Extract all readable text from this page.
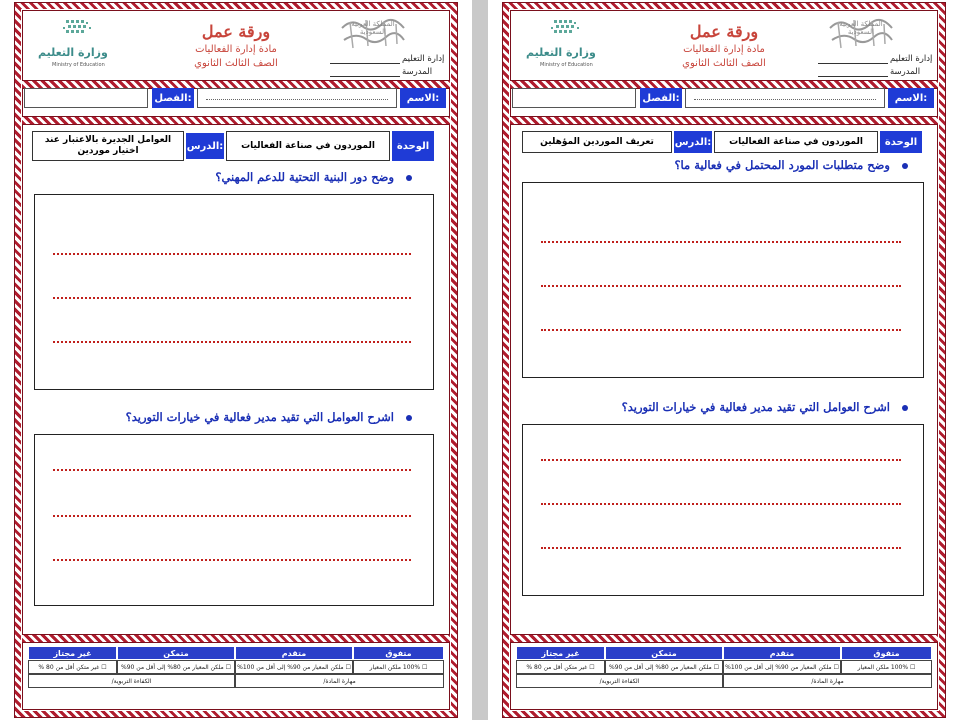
وزارة التعليم
Ministry of Education
ورقة عمل
مادة إدارة الفعاليات
الصف الثالث الثانوي
المملكة العربية السعودية
إدارة التعليم
المدرسة
الاسم:
الفصل:
الوحدة
الموردون في صناعة الفعاليات
الدرس:
العوامل الجديرة بالاعتبار عند اختيار موردين
وضح دور البنية التحتية للدعم المهني؟
اشرح العوامل التي تقيد مدير فعالية في خيارات التوريد؟
غير مجتاز	متمكن	متقدم	متفوق
☐ غير متكن أقل من 80 %	☐ ملكن المعيار من 80% إلى أقل من 90%	☐ ملكن المعيار من 90% إلى أقل من 100%	☐ 100% ملكن المعيار
الكفاءة التربوية/	مهارة المادة/
وزارة التعليم
Ministry of Education
ورقة عمل
مادة إدارة الفعاليات
الصف الثالث الثانوي
المملكة العربية السعودية
إدارة التعليم
المدرسة
الاسم:
الفصل:
الوحدة
الموردون في صناعة الفعاليات
الدرس:
تعريف الموردين المؤهلين
وضح متطلبات المورد المحتمل في فعالية ما؟
اشرح العوامل التي تقيد مدير فعالية في خيارات التوريد؟
غير مجتاز	متمكن	متقدم	متفوق
☐ غير متكن أقل من 80 %	☐ ملكن المعيار من 80% إلى أقل من 90%	☐ ملكن المعيار من 90% إلى أقل من 100%	☐ 100% ملكن المعيار
الكفاءة التربوية/	مهارة المادة/
